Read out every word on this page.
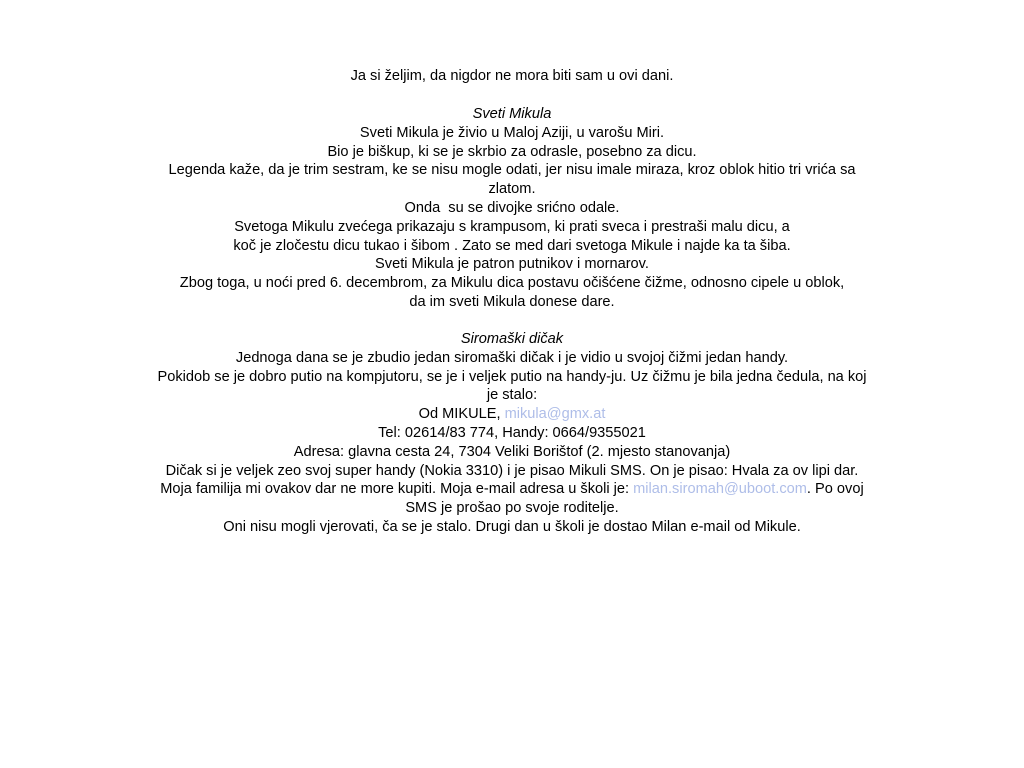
Ja si željim, da nigdor ne mora biti sam u ovi dani.
Sveti Mikula
Sveti Mikula je živio u Maloj Aziji, u varošu Miri.
Bio je biškup, ki se je skrbio za odrasle, posebno za dicu.
Legenda kaže, da je trim sestram, ke se nisu mogle odati, jer nisu imale miraza, kroz oblok hitio tri vrića sa
zlatom.
Onda  su se divojke srićno odale.
Svetoga Mikulu zvećega prikazaju s krampusom, ki prati sveca i prestraši malu dicu, a
koč je zločestu dicu tukao i šibom . Zato se med dari svetoga Mikule i najde ka ta šiba.
Sveti Mikula je patron putnikov i mornarov.
Zbog toga, u noći pred 6. decembrom, za Mikulu dica postavu očišćene čižme, odnosno cipele u oblok,
da im sveti Mikula donese dare.
Siromaški dičak
Jednoga dana se je zbudio jedan siromaški dičak i je vidio u svojoj čižmi jedan handy.
Pokidob se je dobro putio na kompjutoru, se je i veljek putio na handy-ju. Uz čižmu je bila jedna čedula, na koj
je stalo:
Od MIKULE, mikula@gmx.at
Tel: 02614/83 774, Handy: 0664/9355021
Adresa: glavna cesta 24, 7304 Veliki Borištof (2. mjesto stanovanja)
Dičak si je veljek zeo svoj super handy (Nokia 3310) i je pisao Mikuli SMS. On je pisao: Hvala za ov lipi dar.
Moja familija mi ovakov dar ne more kupiti. Moja e-mail adresa u školi je: milan.siromah@uboot.com. Po ovoj
SMS je prošao po svoje roditelje.
Oni nisu mogli vjerovati, ča se je stalo. Drugi dan u školi je dostao Milan e-mail od Mikule.
